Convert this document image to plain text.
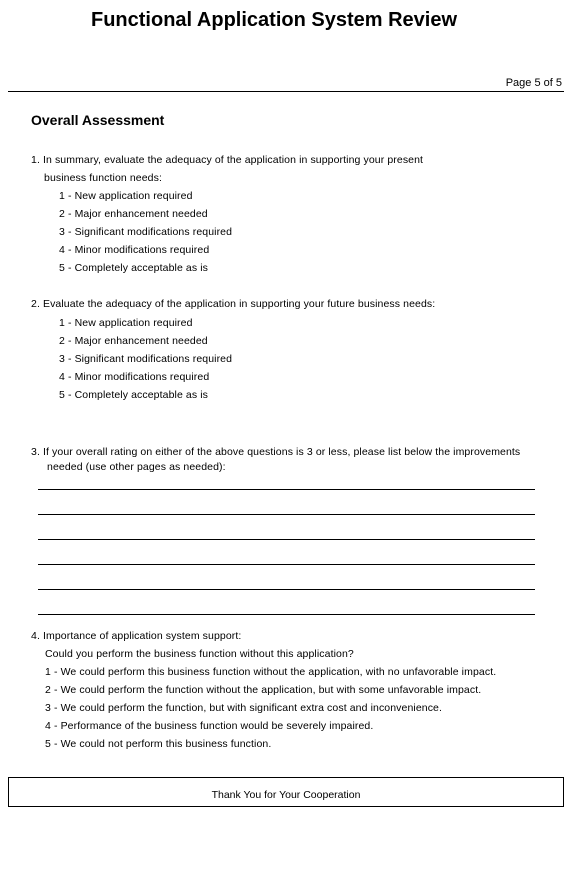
Functional Application System Review
Page 5 of 5
Overall Assessment
1. In summary, evaluate the adequacy of the application in supporting your present
business function needs:
1 - New application required
2 - Major enhancement needed
3 - Significant modifications required
4 - Minor modifications required
5 - Completely acceptable as is
2. Evaluate the adequacy of the application in supporting your future business needs:
1 - New application required
2 - Major enhancement needed
3 - Significant modifications required
4 - Minor modifications required
5 - Completely acceptable as is
3. If your overall rating on either of the above questions is 3 or less, please list below the improvements
needed (use other pages as needed):
4. Importance of application system support:
Could you perform the business function without this application?
1 - We could perform this business function without the application, with no unfavorable impact.
2 - We could perform the function without the application, but with some unfavorable impact.
3 - We could perform the function, but with significant extra cost and inconvenience.
4 - Performance of the business function would be severely impaired.
5 - We could not perform this business function.
Thank You for Your Cooperation
